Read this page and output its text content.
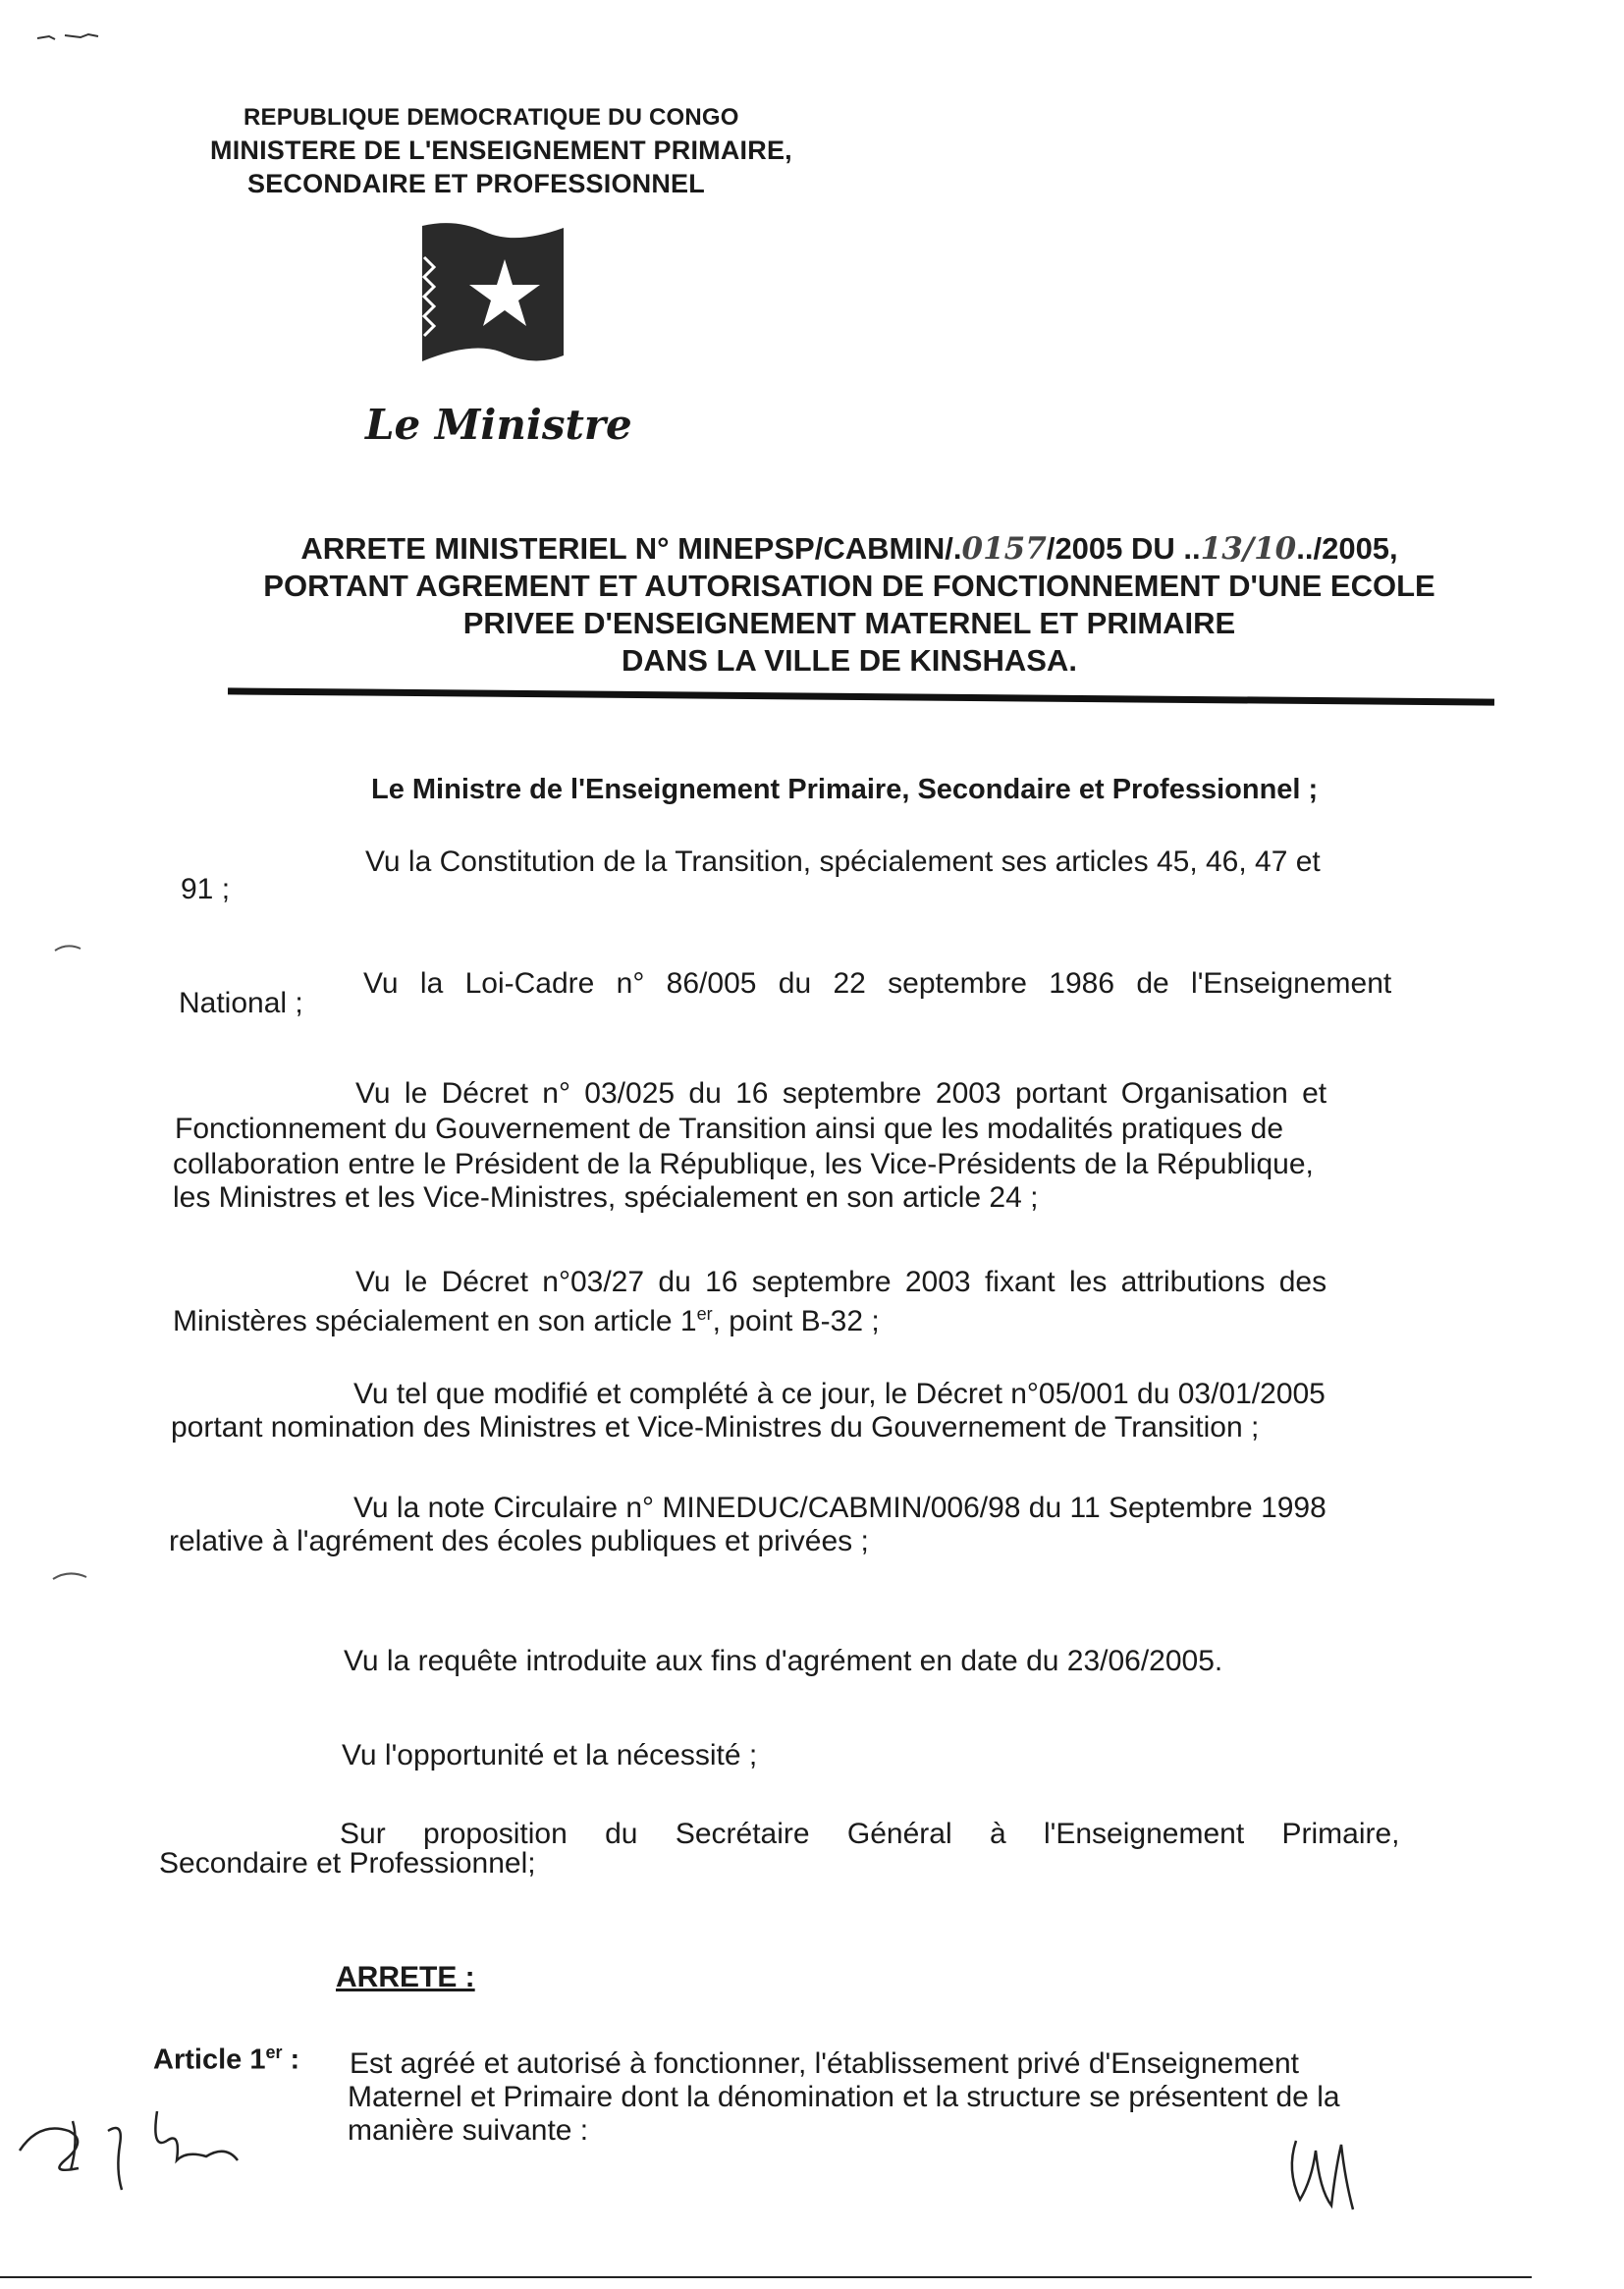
REPUBLIQUE DEMOCRATIQUE DU CONGO
MINISTERE DE L'ENSEIGNEMENT PRIMAIRE,
SECONDAIRE ET PROFESSIONNEL
Le Ministre
ARRETE MINISTERIEL N° MINEPSP/CABMIN/.0157/2005 DU ..13/10../2005,
PORTANT AGREMENT ET AUTORISATION DE FONCTIONNEMENT D'UNE ECOLE
PRIVEE D'ENSEIGNEMENT MATERNEL ET PRIMAIRE
DANS LA VILLE DE KINSHASA.
Le Ministre de l'Enseignement Primaire, Secondaire et Professionnel ;
Vu la Constitution de la Transition, spécialement ses articles 45, 46, 47 et
91 ;
Vu la Loi-Cadre n° 86/005 du 22 septembre 1986 de l'Enseignement
National ;
Vu le Décret n° 03/025 du 16 septembre 2003 portant Organisation et
Fonctionnement du Gouvernement de Transition ainsi que les modalités pratiques de
collaboration entre le Président de la République, les Vice-Présidents de la République,
les Ministres et les Vice-Ministres, spécialement en son article 24 ;
Vu le Décret n°03/27 du 16 septembre 2003 fixant les attributions des
Ministères spécialement en son article 1er, point B-32 ;
Vu tel que modifié et complété à ce jour, le Décret n°05/001 du 03/01/2005
portant nomination des Ministres et Vice-Ministres du Gouvernement de Transition ;
Vu la note Circulaire n° MINEDUC/CABMIN/006/98 du 11 Septembre 1998
relative à l'agrément des écoles publiques et privées ;
Vu la requête introduite aux fins d'agrément en date du 23/06/2005.
Vu l'opportunité et la nécessité ;
Sur proposition du Secrétaire Général à l'Enseignement Primaire,
Secondaire et Professionnel;
ARRETE :
Article 1er : Est agréé et autorisé à fonctionner, l'établissement privé d'Enseignement
Maternel et Primaire dont la dénomination et la structure se présentent de la
manière suivante :
